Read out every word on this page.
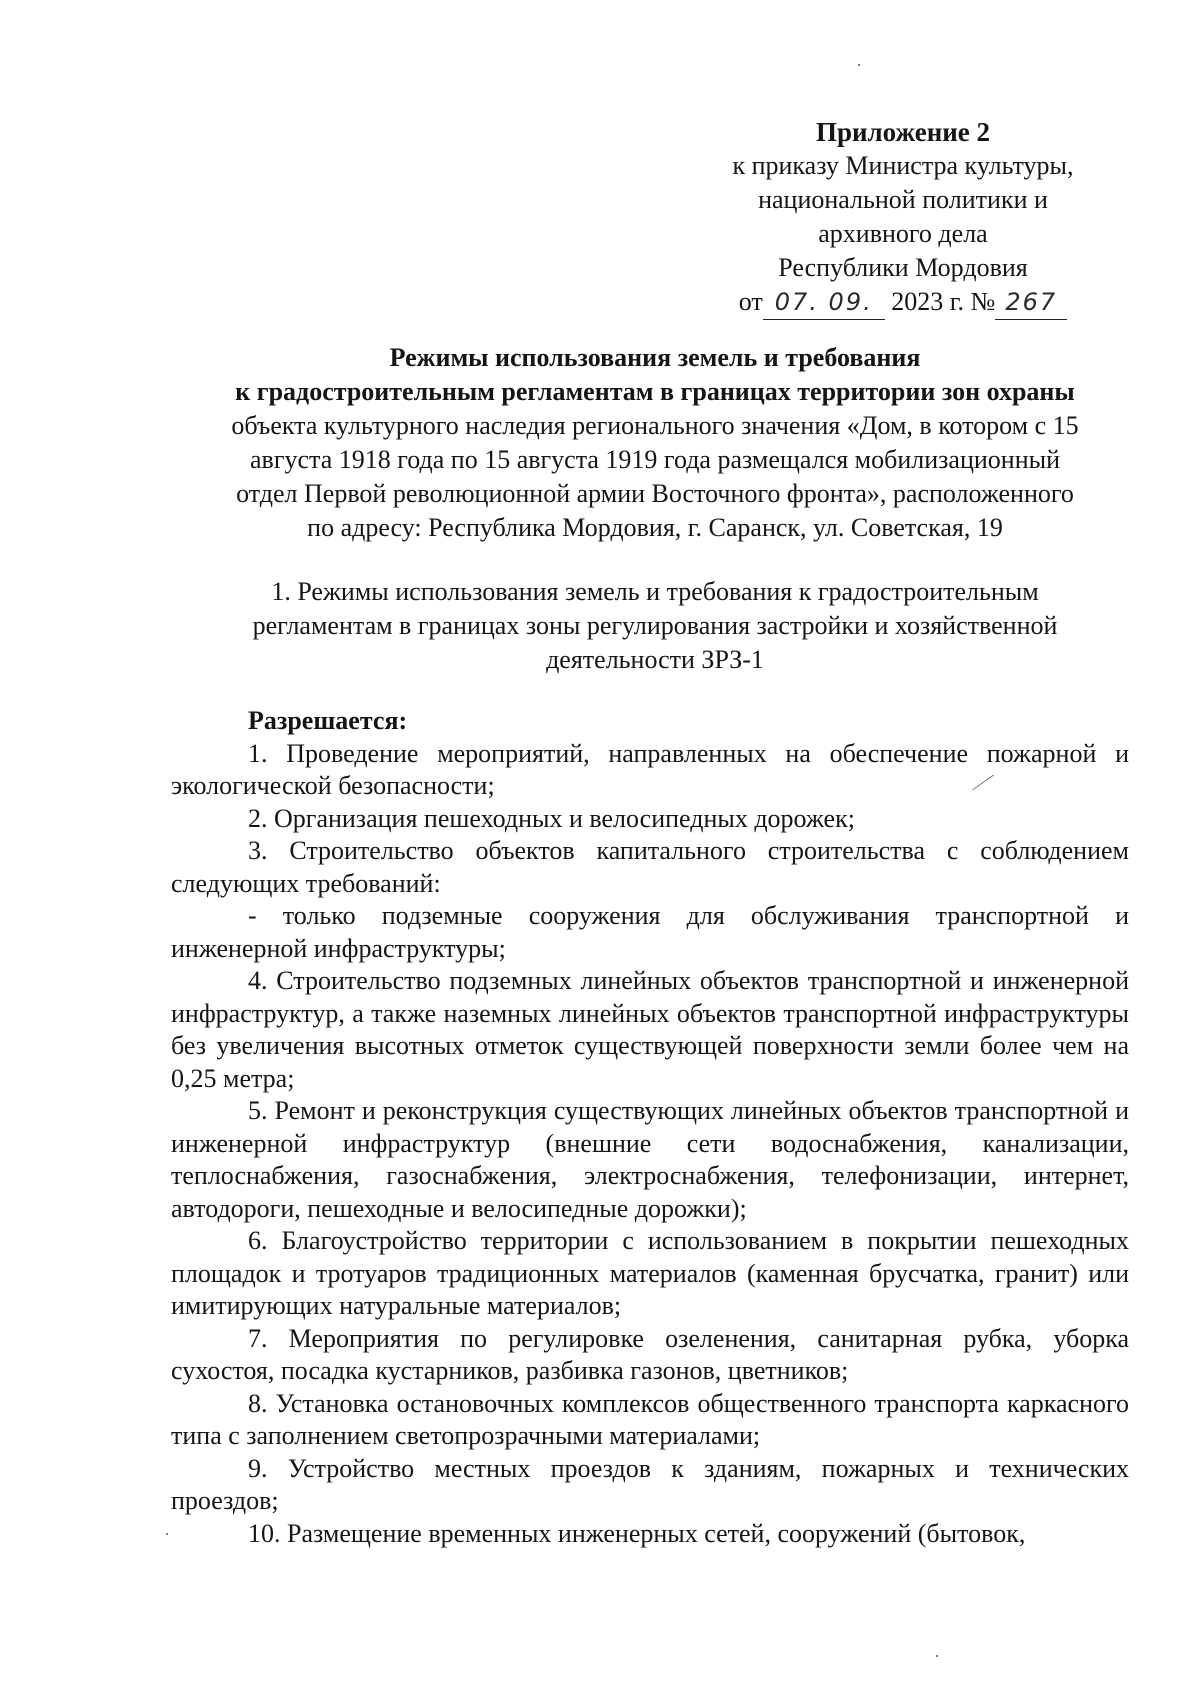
Приложение 2
к приказу Министра культуры,
национальной политики и
архивного дела
Республики Мордовия
от 07. 09. 2023 г. № 267
Режимы использования земель и требования
к градостроительным регламентам в границах территории зон охраны
объекта культурного наследия регионального значения «Дом, в котором с 15
августа 1918 года по 15 августа 1919 года размещался мобилизационный
отдел Первой революционной армии Восточного фронта», расположенного
по адресу: Республика Мордовия, г. Саранск, ул. Советская, 19
1. Режимы использования земель и требования к градостроительным
регламентам в границах зоны регулирования застройки и хозяйственной
деятельности ЗРЗ-1
Разрешается:

1. Проведение мероприятий, направленных на обеспечение пожарной и экологической безопасности;

2. Организация пешеходных и велосипедных дорожек;

3. Строительство объектов капитального строительства с соблюдением следующих требований:

- только подземные сооружения для обслуживания транспортной и инженерной инфраструктуры;

4. Строительство подземных линейных объектов транспортной и инженерной инфраструктур, а также наземных линейных объектов транспортной инфраструктуры без увеличения высотных отметок существующей поверхности земли более чем на 0,25 метра;

5. Ремонт и реконструкция существующих линейных объектов транспортной и инженерной инфраструктур (внешние сети водоснабжения, канализации, теплоснабжения, газоснабжения, электроснабжения, телефонизации, интернет, автодороги, пешеходные и велосипедные дорожки);

6. Благоустройство территории с использованием в покрытии пешеходных площадок и тротуаров традиционных материалов (каменная брусчатка, гранит) или имитирующих натуральные материалов;

7. Мероприятия по регулировке озеленения, санитарная рубка, уборка сухостоя, посадка кустарников, разбивка газонов, цветников;

8. Установка остановочных комплексов общественного транспорта каркасного типа с заполнением светопрозрачными материалами;

9. Устройство местных проездов к зданиям, пожарных и технических проездов;

10. Размещение временных инженерных сетей, сооружений (бытовок,
